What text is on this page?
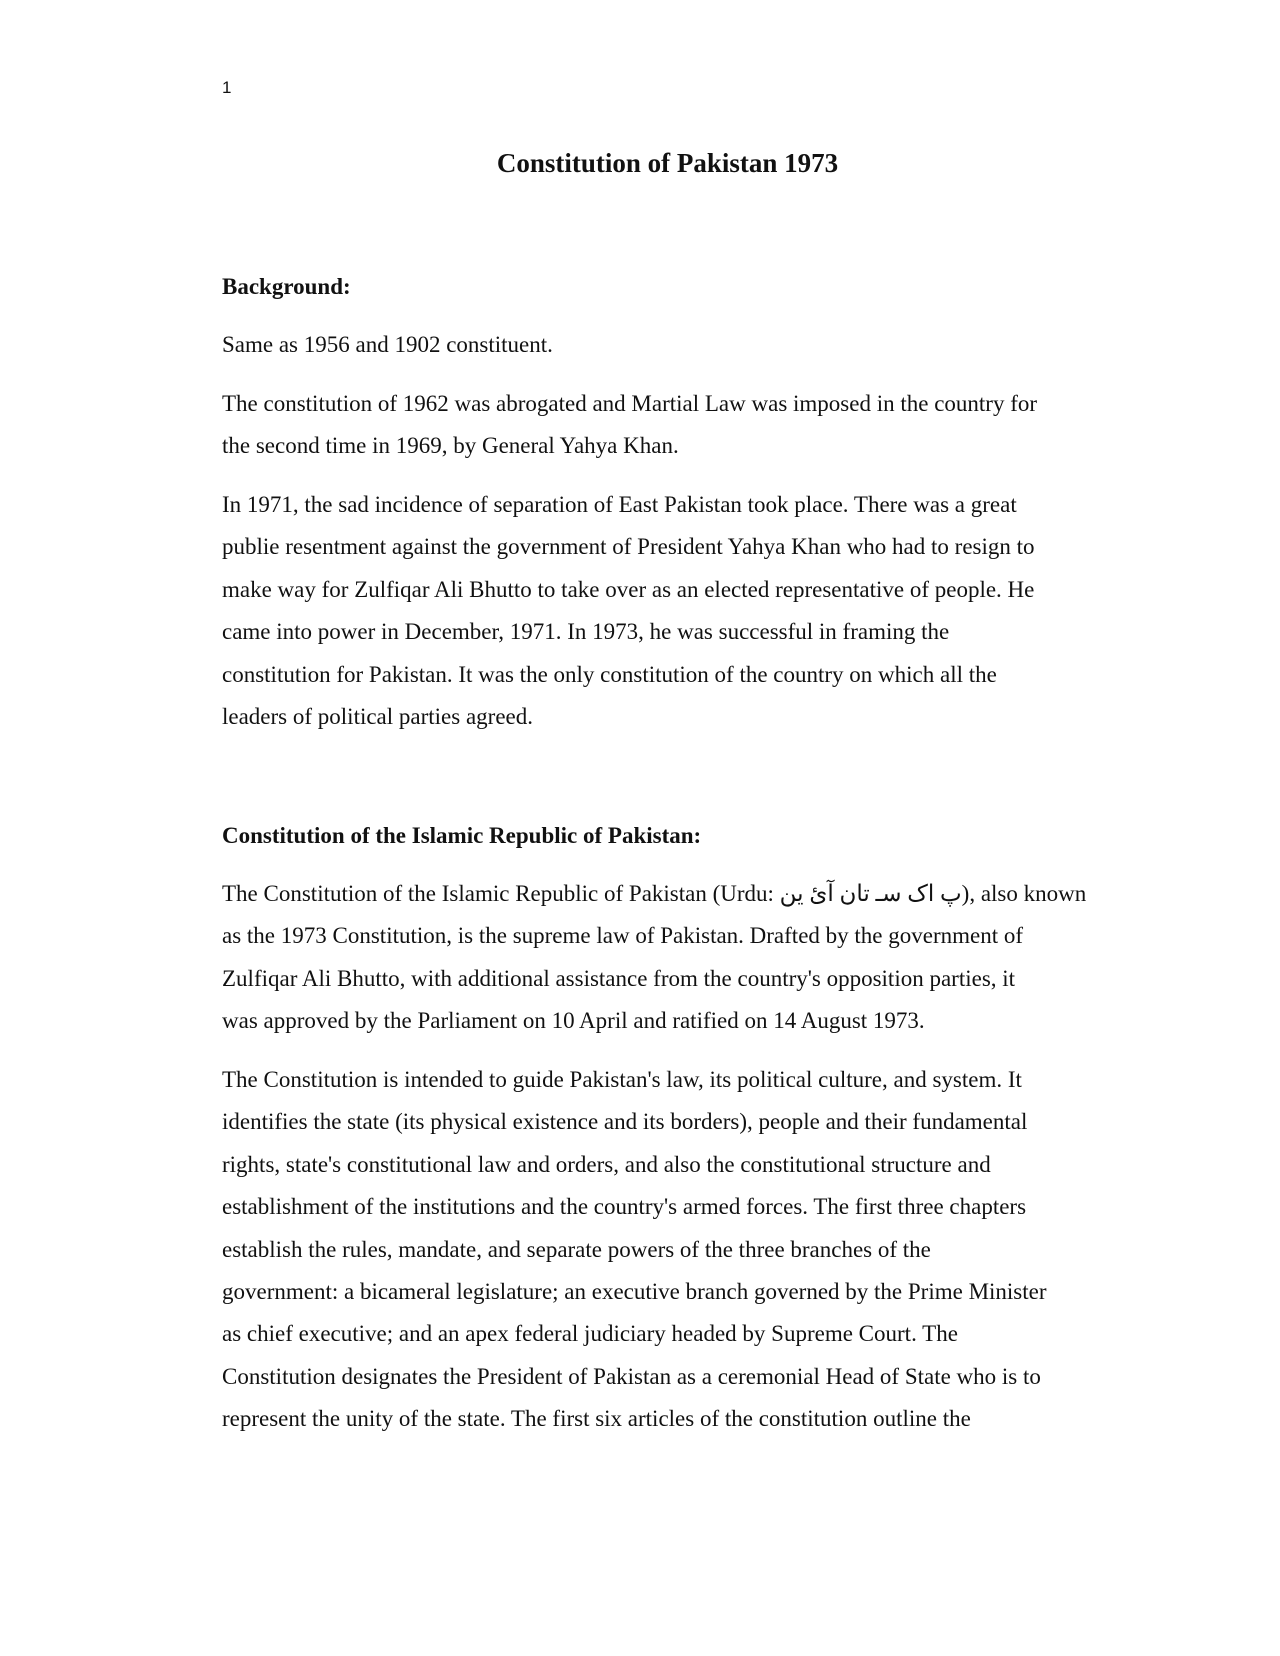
1
Constitution of Pakistan 1973
Background:
Same as 1956 and 1902 constituent.
The constitution of 1962 was abrogated and Martial Law was imposed in the country for
the second time in 1969, by General Yahya Khan.
In 1971, the sad incidence of separation of East Pakistan took place. There was a great
publie resentment against the government of President Yahya Khan who had to resign to
make way for Zulfiqar Ali Bhutto to take over as an elected representative of people. He
came into power in December, 1971. In 1973, he was successful in framing the
constitution for Pakistan. It was the only constitution of the country on which all the
leaders of political parties agreed.
Constitution of the Islamic Republic of Pakistan:
The Constitution of the Islamic Republic of Pakistan (Urdu: پ اک سـ تان آئ ین), also known
as the 1973 Constitution, is the supreme law of Pakistan. Drafted by the government of
Zulfiqar Ali Bhutto, with additional assistance from the country's opposition parties, it
was approved by the Parliament on 10 April and ratified on 14 August 1973.
The Constitution is intended to guide Pakistan's law, its political culture, and system. It
identifies the state (its physical existence and its borders), people and their fundamental
rights, state's constitutional law and orders, and also the constitutional structure and
establishment of the institutions and the country's armed forces. The first three chapters
establish the rules, mandate, and separate powers of the three branches of the
government: a bicameral legislature; an executive branch governed by the Prime Minister
as chief executive; and an apex federal judiciary headed by Supreme Court. The
Constitution designates the President of Pakistan as a ceremonial Head of State who is to
represent the unity of the state. The first six articles of the constitution outline the
